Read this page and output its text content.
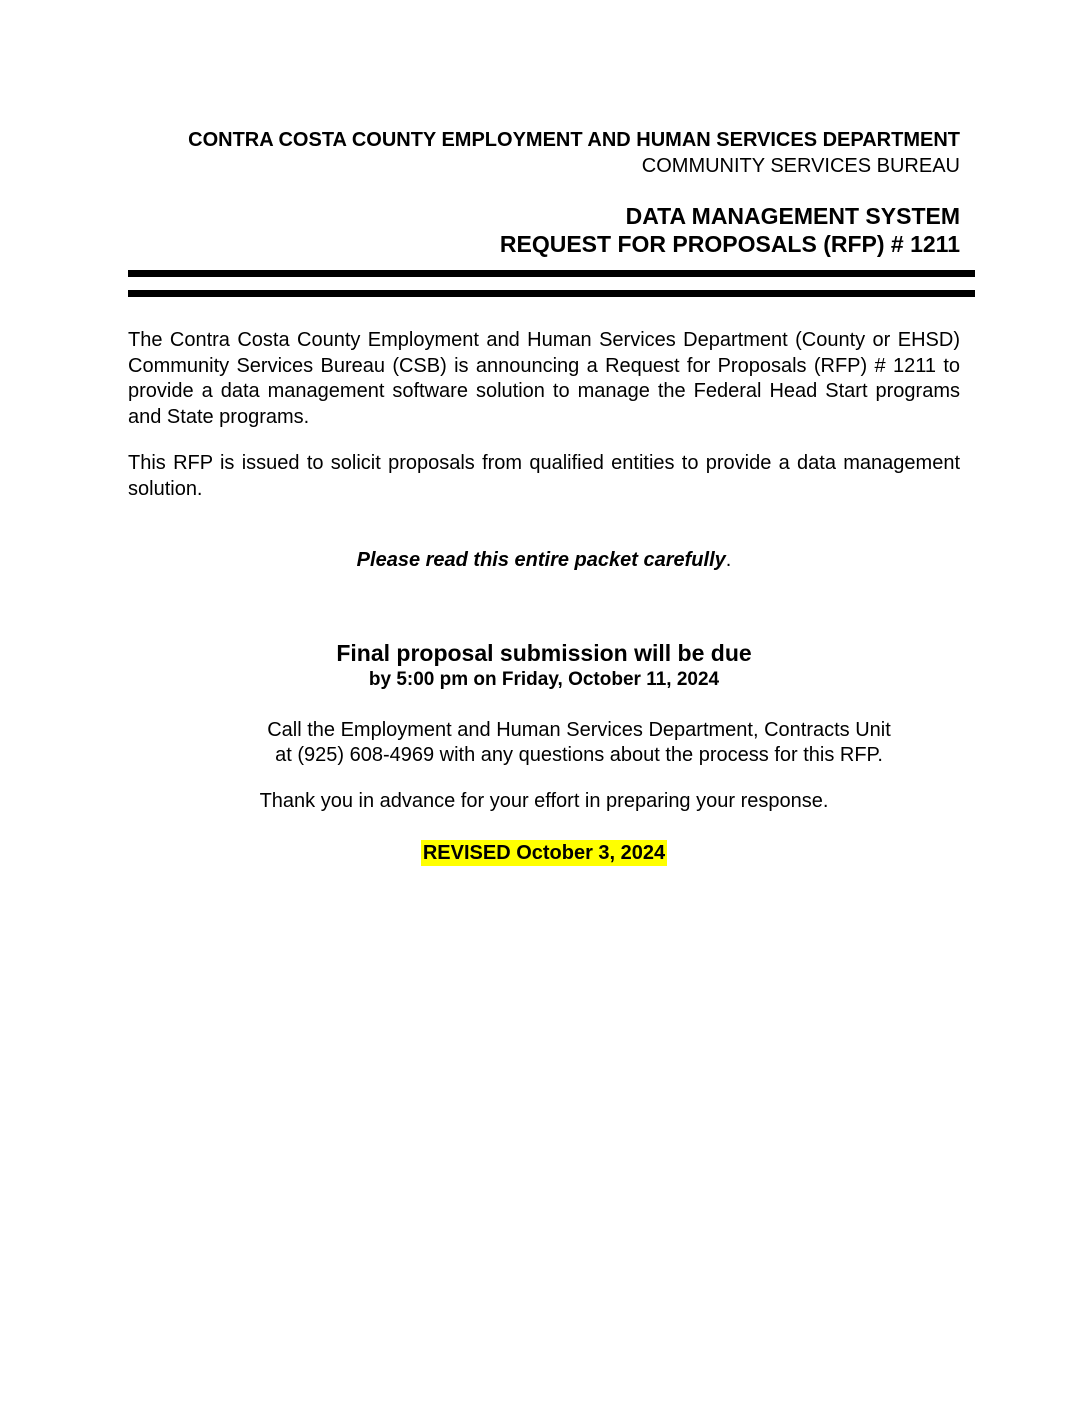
CONTRA COSTA COUNTY EMPLOYMENT AND HUMAN SERVICES DEPARTMENT
COMMUNITY SERVICES BUREAU
DATA MANAGEMENT SYSTEM
REQUEST FOR PROPOSALS (RFP) # 1211
The Contra Costa County Employment and Human Services Department (County or EHSD) Community Services Bureau (CSB) is announcing a Request for Proposals (RFP) # 1211 to provide a data management software solution to manage the Federal Head Start programs and State programs.
This RFP is issued to solicit proposals from qualified entities to provide a data management solution.
Please read this entire packet carefully.
Final proposal submission will be due
by 5:00 pm on Friday, October 11, 2024
Call the Employment and Human Services Department, Contracts Unit
at (925) 608-4969 with any questions about the process for this RFP.
Thank you in advance for your effort in preparing your response.
REVISED October 3, 2024
